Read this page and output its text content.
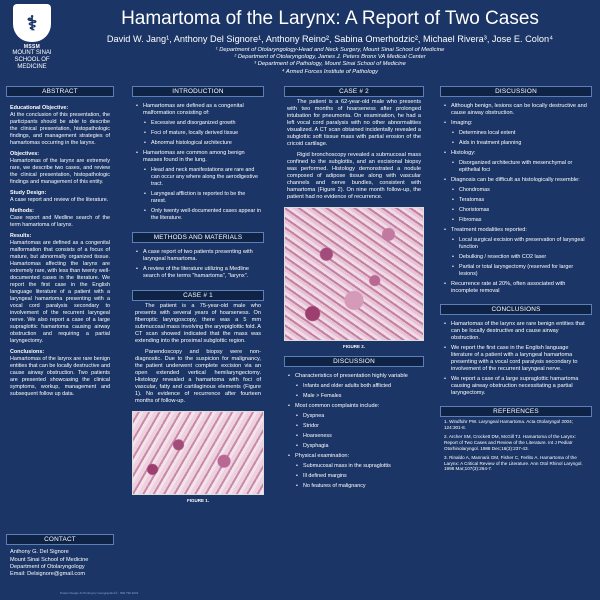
⚕
MSSM
MOUNT SINAI
SCHOOL OF
MEDICINE
Hamartoma of the Larynx: A Report of Two Cases
David W. Jang¹, Anthony Del Signore¹, Anthony Reino², Sabina Omerhodzic², Michael Rivera³, Jose E. Colon⁴
¹ Department of Otolaryngology-Head and Neck Surgery, Mount Sinai School of Medicine
² Department of Otolaryngology, James J. Peters Bronx VA Medical Center
³ Department of Pathology, Mount Sinai School of Medicine
⁴ Armed Forces Institute of Pathology
ABSTRACT
Educational Objective:
At the conclusion of this presentation, the participants should be able to describe the clinical presentation, histopathologic findings, and management strategies of hamartomas occurring in the larynx.
Objectives:
Hamartomas of the larynx are extremely rare, we describe two cases, and review the clinical presentation, histopathologic findings and management of this entity.
Study Design:
A case report and review of the literature.
Methods:
Case report and Medline search of the term hamartoma of larynx.
Results:
Hamartomas are defined as a congenital malformation that consists of a focus of mature, but abnormally organized tissue. Hamartomas affecting the larynx are extremely rare, with less than twenty well-documented cases in the literature. We report the first case in the English language literature of a patient with a laryngeal hamartoma presenting with a vocal cord paralysis secondary to involvement of the recurrent laryngeal nerve. We also report a case of a large supraglottic hamartoma causing airway obstruction and requiring a partial laryngectomy.
Conclusions:
Hamartomas of the larynx are rare benign entities that can be locally destructive and cause airway obstruction. Two patients are presented showcasing the clinical symptoms, workup, management and subsequent follow up data.
CONTACT
Anthony G. Del Signore
Mount Sinai School of Medicine
Department of Otolaryngology
Email: Delsignore@gmail.com
INTRODUCTION
• Hamartomas are defined as a congenital malformation consisting of:
• Excessive and disorganized growth
• Foci of mature, locally derived tissue
• Abnormal histological architecture
• Hamartomas are common among benign masses found in the lung.
• Head and neck manifestations are rare and can occur any where along the aerodigestive tract.
• Laryngeal affliction is reported to be the rarest.
• Only twenty well-documented cases appear in the literature.
METHODS AND MATERIALS
• A case report of two patients presenting with laryngeal hamartoma.
• A review of the literature utilizing a Medline search of the terms "hamartoma", "larynx".
CASE # 1
The patient is a 75-year-old male who presents with several years of hoarseness. On fiberoptic laryngoscopy, there was a 5 mm submucosal mass involving the aryepiglottic fold. A CT scan showed indicated that the mass was extending into the proximal subglottic region.
Panendoscopy and biopsy were non-diagnostic. Due to the suspicion for malignancy, the patient underwent complete excision via an open extended vertical hemilaryngectomy. Histology revealed a hamartoma with foci of vascular, fatty and cartilaginous elements (Figure 1). No evidence of recurrence after fourteen months of follow-up.
FIGURE 1.
CASE # 2
The patient is a 62-year-old male who presents with two months of hoarseness after prolonged intubation for pneumonia. On examination, he had a left vocal cord paralysis with no other abnormalities visualized. A CT scan obtained incidentally revealed a subglottic soft tissue mass with partial erosion of the cricoid cartilage.
Rigid bronchoscopy revealed a submucosal mass confined to the subglottis, and an excisional biopsy was performed. Histology demonstrated a nodule composed of adipose tissue along with vascular channels and nerve bundles, consistent with hamartoma (Figure 2). On nine month follow-up, the patient had no evidence of recurrence.
FIGURE 2.
DISCUSSION
• Characteristics of presentation highly variable
• Infants and older adults both afflicted
• Male > Females
• Most common complaints include:
• Dyspnea
• Stridor
• Hoarseness
• Dysphagia
• Physical examination:
• Submucosal mass in the supraglottis
• Ill defined margins
• No features of malignancy
DISCUSSION
• Although benign, lesions can be locally destructive and cause airway obstruction.
• Imaging:
• Determines local extent
• Aids in treatment planning
• Histology:
• Disorganized architecture with mesenchymal or epithelial foci
• Diagnosis can be difficult as histologically resemble:
• Chondromas
• Teratomas
• Choristomas
• Fibromas
• Treatment modalities reported:
• Local surgical excision with preservation of laryngeal function
• Debulking / resection with CO2 laser
• Partial or total laryngectomy (reserved for larger lesions)
• Recurrence rate at 20%, often associated with incomplete removal
CONCLUSIONS
• Hamartomas of the larynx are rare benign entities that can be locally destructive and cause airway obstruction.
• We report the first case in the English language literature of a patient with a laryngeal hamartoma presenting with a vocal cord paralysis secondary to involvement of the recurrent laryngeal nerve.
• We report a case of a large supraglottic hamartoma causing airway obstruction necessitating a partial laryngectomy.
REFERENCES
1. Windfuhr PW. Laryngeal Hamartoma. Acta Otolaryngol 2004; 124:301-8.
2. Archer SM, Crockett DM, McGill TJ. Hamartoma of the Larynx: Report of Two Cases and Review of the Literature. Int J Pediatr Otorhinolaryngol. 1988 Dec;16(3):237-43.
3. Rinaldo A, Mannarà GM, Fisher C, Ferlito A. Hamartoma of the Larynx: A Critical Review of the Literature. Ann Otol Rhinol Laryngol. 1998 Mar;107(3):264-7.
Poster Design & Printing by Genigraphics® - 800.790.4001
